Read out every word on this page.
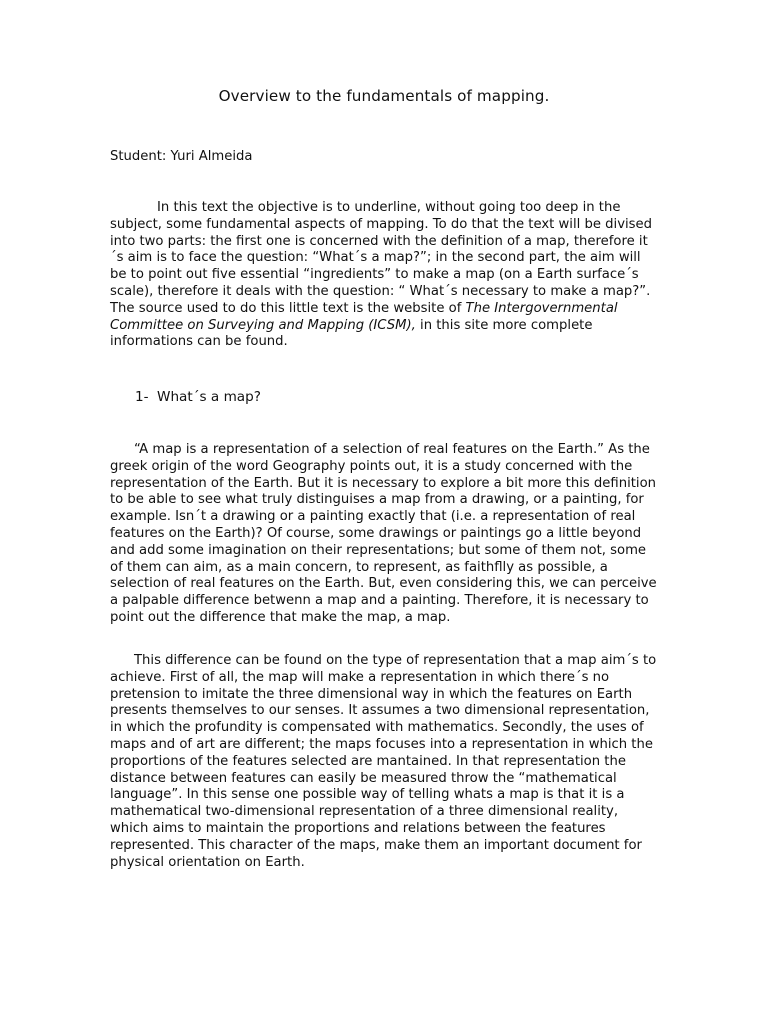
Overview to the fundamentals of mapping.
Student: Yuri Almeida

In this text the objective is to underline, without going too deep in the subject, some fundamental aspects of mapping. To do that the text will be divised into two parts: the first one is concerned with the definition of a map, therefore it´s aim is to face the question: “What´s a map?”; in the second part, the aim will be to point out five essential “ingredients” to make a map (on a Earth surface´s scale), therefore it deals with the question: “ What´s necessary to make a map?”. The source used to do this little text is the website of The Intergovernmental Committee on Surveying and Mapping (ICSM), in this site more complete informations can be found.

1- What´s a map?

“A map is a representation of a selection of real features on the Earth.” As the greek origin of the word Geography points out, it is a study concerned with the representation of the Earth. But it is necessary to explore a bit more this definition to be able to see what truly distinguises a map from a drawing, or a painting, for example. Isn´t a drawing or a painting exactly that (i.e. a representation of real features on the Earth)? Of course, some drawings or paintings go a little beyond and add some imagination on their representations; but some of them not, some of them can aim, as a main concern, to represent, as faithflly as possible, a selection of real features on the Earth. But, even considering this, we can perceive a palpable difference betwenn a map and a painting. Therefore, it is necessary to point out the difference that make the map, a map.

This difference can be found on the type of representation that a map aim´s to achieve. First of all, the map will make a representation in which there´s no pretension to imitate the three dimensional way in which the features on Earth presents themselves to our senses. It assumes a two dimensional representation, in which the profundity is compensated with mathematics. Secondly, the uses of maps and of art are different; the maps focuses into a representation in which the proportions of the features selected are mantained. In that representation the distance between features can easily be measured throw the “mathematical language”. In this sense one possible way of telling whats a map is that it is a mathematical two-dimensional representation of a three dimensional reality, which aims to maintain the proportions and relations between the features represented. This character of the maps, make them an important document for physical orientation on Earth.
